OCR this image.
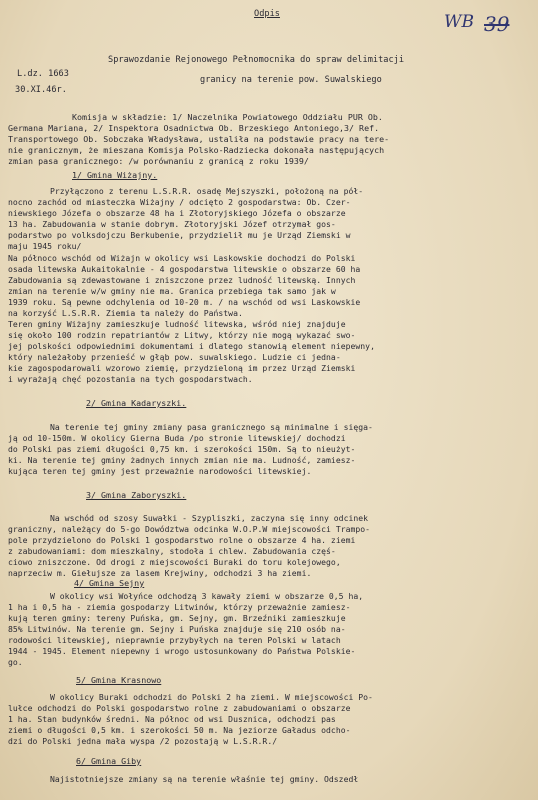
Odpis	WB 39
Sprawozdanie Rejonowego Pełnomocnika do spraw delimitacji
L.dz. 1663
granicy na terenie pow. Suwalskiego
30.XI.46r.
Komisja w składzie: 1/ Naczelnika Powiatowego Oddziału PUR Ob.
Germana Mariana, 2/ Inspektora Osadnictwa Ob. Brzeskiego Antoniego,3/ Ref.
Transportowego Ob. Sobczaka Władysława, ustaliła na podstawie pracy na tere-
nie granicznym, że mieszana Komisja Polsko-Radziecka dokonała następujących
zmian pasa granicznego: /w porównaniu z granicą z roku 1939/
1/ Gmina Wiżajny.
Przyłączono z terenu L.S.R.R. osadę Mejszyszki, położoną na pół-
nocno zachód od miasteczka Wiżajny / odcięto 2 gospodarstwa: Ob. Czer-
niewskiego Józefa o obszarze 48 ha i Złotoryjskiego Józefa o obszarze
13 ha. Zabudowania w stanie dobrym. Złotoryjski Józef otrzymał gos-
podarstwo po volksdojczu Berkubenie, przydzielił mu je Urząd Ziemski w
maju 1945 roku/
Na północo wschód od Wiżajn w okolicy wsi Laskowskie dochodzi do Polski
osada litewska Aukaitokalnie - 4 gospodarstwa litewskie o obszarze 60 ha
Zabudowania są zdewastowane i zniszczone przez ludność litewską. Innych
zmian na terenie w/w gminy nie ma. Granica przebiega tak samo jak w
1939 roku. Są pewne odchylenia od 10-20 m. / na wschód od wsi Laskowskie
na korzyść L.S.R.R. Ziemia ta należy do Państwa.
Teren gminy Wiżajny zamieszkuje ludność litewska, wśród niej znajduje
się około 100 rodzin repatriantów z Litwy, którzy nie mogą wykazać swo-
jej polskości odpowiednimi dokumentami i dlatego stanowią element niepewny,
który należałoby przenieść w głąb pow. suwalskiego. Ludzie ci jedna-
kie zagospodarowali wzorowo ziemię, przydzieloną im przez Urząd Ziemski
i wyrażają chęć pozostania na tych gospodarstwach.
2/ Gmina Kadaryszki.
Na terenie tej gminy zmiany pasa granicznego są minimalne i sięga-
ją od 10-150m. W okolicy Gierna Buda /po stronie litewskiej/ dochodzi
do Polski pas ziemi długości 0,75 km. i szerokości 150m. Są to nieużyt-
ki. Na terenie tej gminy żadnych innych zmian nie ma. Ludność, zamiesz-
kująca teren tej gminy jest przeważnie narodowości litewskiej.
3/ Gmina Zaboryszki.
Na wschód od szosy Suwałki - Szypliszki, zaczyna się inny odcinek
graniczny, należący do 5-go Dowództwa odcinka W.O.P.W miejscowości Trampo-
pole przydzielono do Polski 1 gospodarstwo rolne o obszarze 4 ha. ziemi
z zabudowaniami: dom mieszkalny, stodoła i chlew. Zabudowania częś-
ciowo zniszczone. Od drogi z miejscowości Buraki do toru kolejowego,
naprzeciw m. Giełujsze za lasem Krejwiny, odchodzi 3 ha ziemi.
4/ Gmina Sejny
W okolicy wsi Wołyńce odchodzą 3 kawały ziemi w obszarze 0,5 ha,
1 ha i 0,5 ha - ziemia gospodarzy Litwinów, którzy przeważnie zamiesz-
kują teren gminy: tereny Puńska, gm. Sejny, gm. Brzeźniki zamieszkuje
85% Litwinów. Na terenie gm. Sejny i Puńska znajduje się 210 osób na-
rodowości litewskiej, nieprawnie przybyłych na teren Polski w latach
1944 - 1945. Element niepewny i wrogo ustosunkowany do Państwa Polskie-
go.
5/ Gmina Krasnowo
W okolicy Buraki odchodzi do Polski 2 ha ziemi. W miejscowości Po-
lułce odchodzi do Polski gospodarstwo rolne z zabudowaniami o obszarze
1 ha. Stan budynków średni. Na północ od wsi Dusznica, odchodzi pas
ziemi o długości 0,5 km. i szerokości 50 m. Na jeziorze Gaładus odcho-
dzi do Polski jedna mała wyspa /2 pozostają w L.S.R.R./
6/ Gmina Giby
Najistotniejsze zmiany są na terenie właśnie tej gminy. Odszedł
